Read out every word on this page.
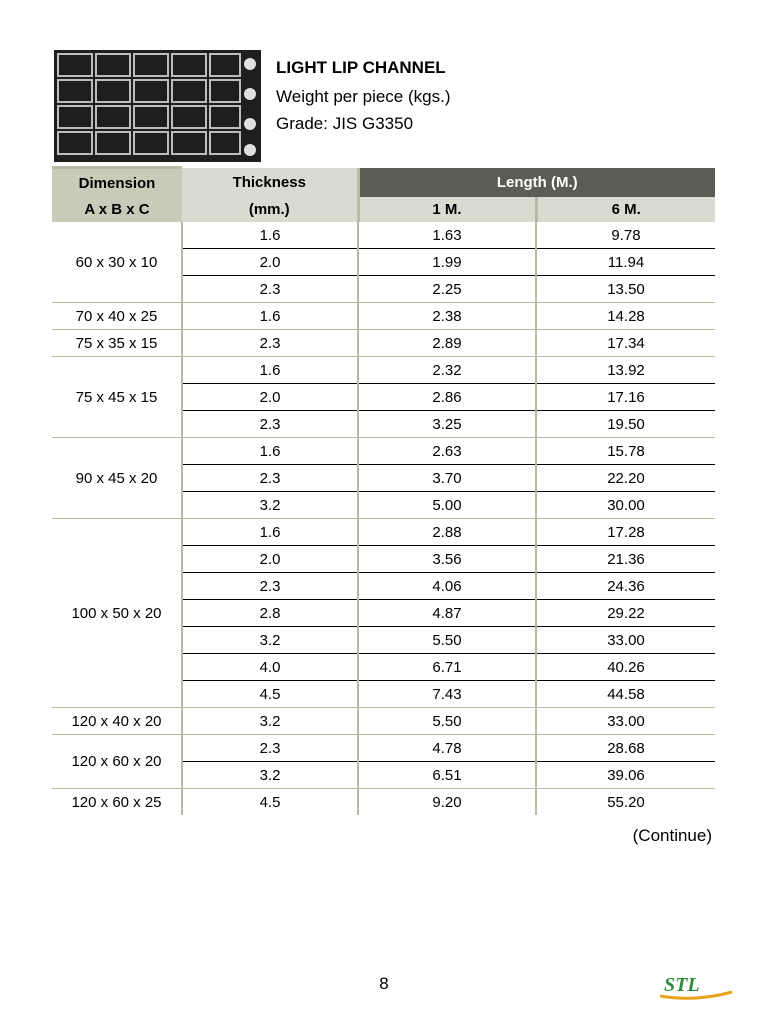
LIGHT LIP CHANNEL
Weight per piece (kgs.)
Grade: JIS G3350
Dimension	Thickness	Length (M.)	
A x B x C	(mm.)	1 M.	6 M.
60 x 30 x 10	1.6	1.63	9.78
	2.0	1.99	11.94
	2.3	2.25	13.50
70 x 40 x 25	1.6	2.38	14.28
75 x 35 x 15	2.3	2.89	17.34
75 x 45 x 15	1.6	2.32	13.92
	2.0	2.86	17.16
	2.3	3.25	19.50
90 x 45 x 20	1.6	2.63	15.78
	2.3	3.70	22.20
	3.2	5.00	30.00
100 x 50 x 20	1.6	2.88	17.28
	2.0	3.56	21.36
	2.3	4.06	24.36
	2.8	4.87	29.22
	3.2	5.50	33.00
	4.0	6.71	40.26
	4.5	7.43	44.58
120 x 40 x 20	3.2	5.50	33.00
120 x 60 x 20	2.3	4.78	28.68
	3.2	6.51	39.06
120 x 60 x 25	4.5	9.20	55.20
(Continue)
8	STL
